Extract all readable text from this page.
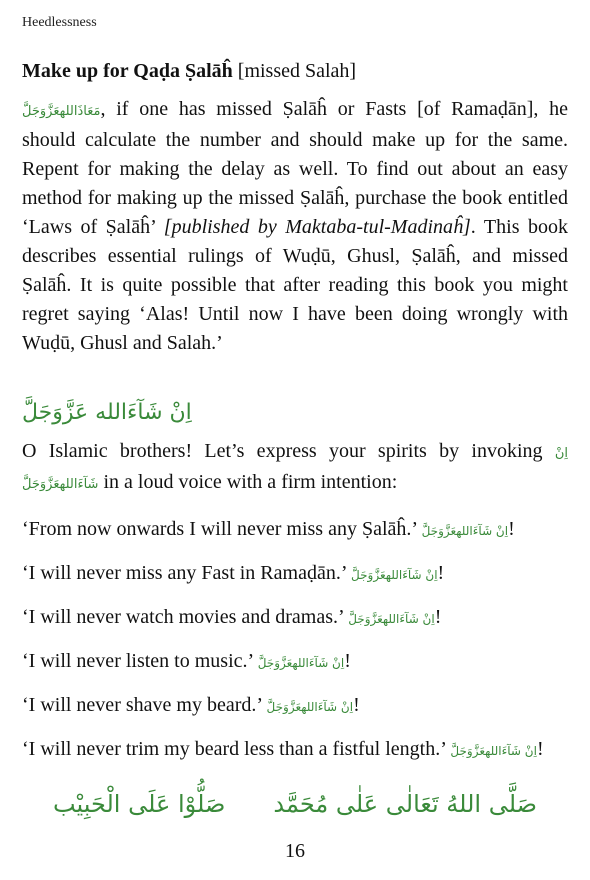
Heedlessness
Make up for Qaḍa Ṣalāĥ [missed Salah]

مَعَاذَاللهعَزَّوَجَلَّ, if one has missed Ṣalāĥ or Fasts [of Ramaḍān], he should calculate the number and should make up for the same. Repent for making the delay as well. To find out about an easy method for making up the missed Ṣalāĥ, purchase the book entitled ‘Laws of Ṣalāĥ’ [published by Maktaba-tul-Madinaĥ]. This book describes essential rulings of Wuḍū, Ghusl, Ṣalāĥ, and missed Ṣalāĥ. It is quite possible that after reading this book you might regret saying ‘Alas! Until now I have been doing wrongly with Wuḍū, Ghusl and Salah.’

اِنْ شَآءَالله عَزَّوَجَلَّ

O Islamic brothers! Let’s express your spirits by invoking اِنْ شَآءَاللهعَزَّوَجَلَّ in a loud voice with a firm intention:

‘From now onwards I will never miss any Ṣalāĥ.’ اِنْ شَآءَاللهعَزَّوَجَلَّ!
‘I will never miss any Fast in Ramaḍān.’ اِنْ شَآءَاللهعَزَّوَجَلَّ!
‘I will never watch movies and dramas.’ اِنْ شَآءَاللهعَزَّوَجَلَّ!
‘I will never listen to music.’ اِنْ شَآءَاللهعَزَّوَجَلَّ!
‘I will never shave my beard.’ اِنْ شَآءَاللهعَزَّوَجَلَّ!
‘I will never trim my beard less than a fistful length.’ اِنْ شَآءَاللهعَزَّوَجَلَّ!
صَلَّی اللهُ تَعَالٰی عَلٰی مُحَمَّدصَلُّوْا عَلَی الْحَبِیْب
16
